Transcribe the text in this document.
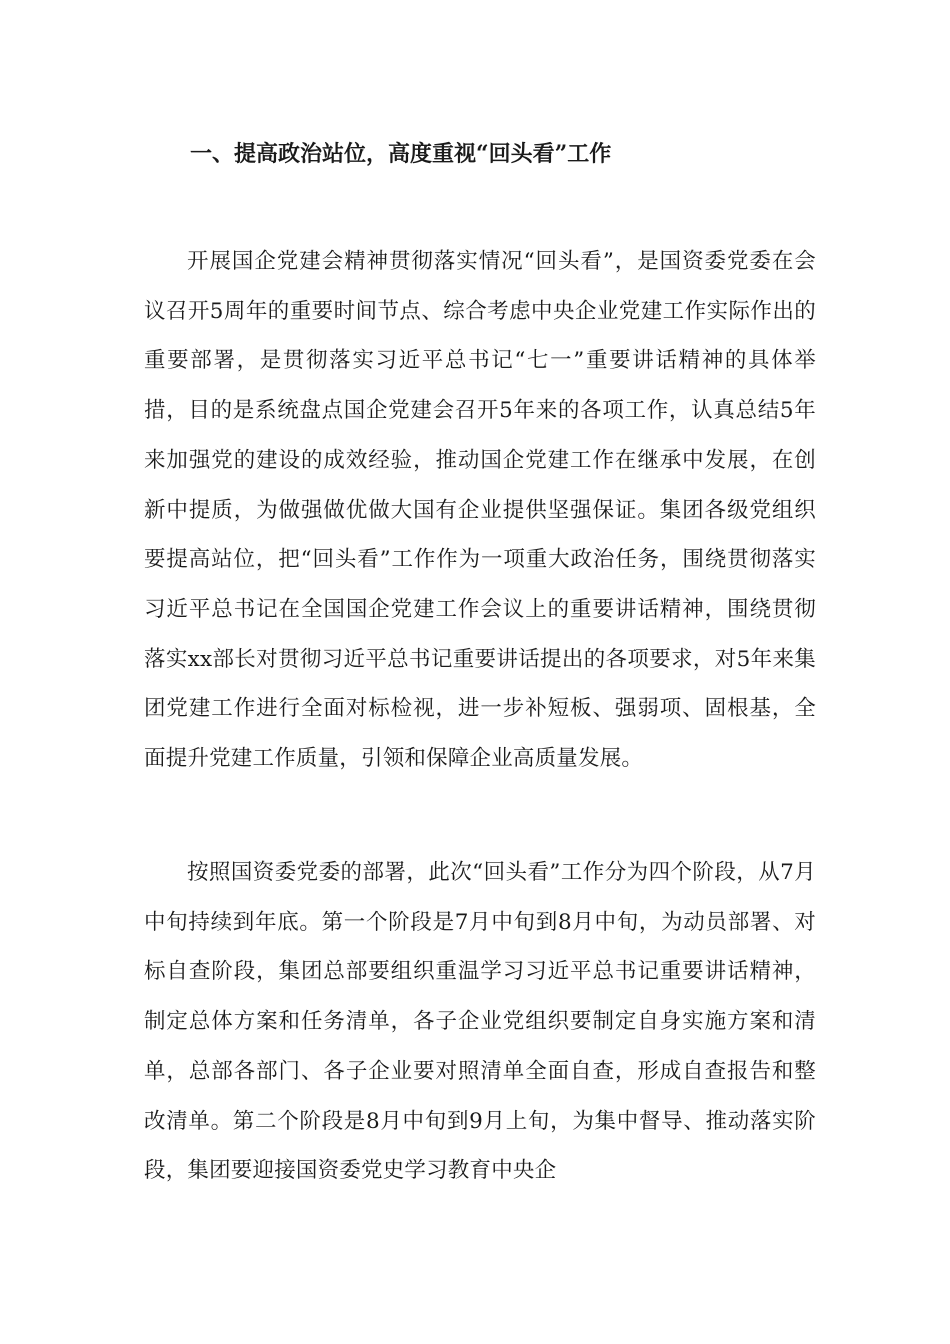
一、提高政治站位，高度重视“回头看”工作

开展国企党建会精神贯彻落实情况“回头看”，是国资委党委在会议召开5周年的重要时间节点、综合考虑中央企业党建工作实际作出的重要部署，是贯彻落实习近平总书记“七一”重要讲话精神的具体举措，目的是系统盘点国企党建会召开5年来的各项工作，认真总结5年来加强党的建设的成效经验，推动国企党建工作在继承中发展，在创新中提质，为做强做优做大国有企业提供坚强保证。集团各级党组织要提高站位，把“回头看”工作作为一项重大政治任务，围绕贯彻落实习近平总书记在全国国企党建工作会议上的重要讲话精神，围绕贯彻落实xx部长对贯彻习近平总书记重要讲话提出的各项要求，对5年来集团党建工作进行全面对标检视，进一步补短板、强弱项、固根基，全面提升党建工作质量，引领和保障企业高质量发展。

按照国资委党委的部署，此次“回头看”工作分为四个阶段，从7月中旬持续到年底。第一个阶段是7月中旬到8月中旬，为动员部署、对标自查阶段，集团总部要组织重温学习习近平总书记重要讲话精神，制定总体方案和任务清单，各子企业党组织要制定自身实施方案和清单，总部各部门、各子企业要对照清单全面自查，形成自查报告和整改清单。第二个阶段是8月中旬到9月上旬，为集中督导、推动落实阶段，集团要迎接国资委党史学习教育中央企
